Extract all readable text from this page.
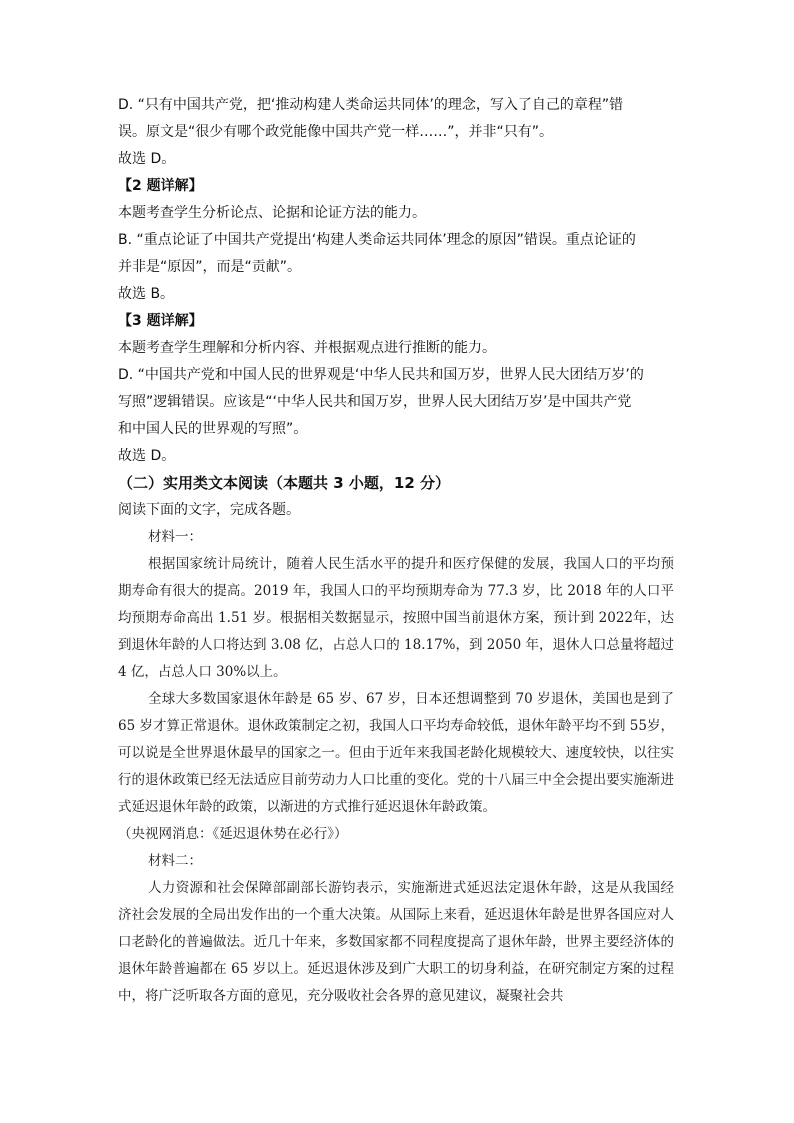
D. “只有中国共产党，把‘推动构建人类命运共同体’的理念，写入了自己的章程”错

误。原文是“很少有哪个政党能像中国共产党一样……”，并非“只有”。

故选 D。

【2 题详解】

本题考查学生分析论点、论据和论证方法的能力。

B. “重点论证了中国共产党提出‘构建人类命运共同体’理念的原因”错误。重点论证的

并非是“原因”，而是“贡献”。

故选 B。

【3 题详解】

本题考查学生理解和分析内容、并根据观点进行推断的能力。

D. “中国共产党和中国人民的世界观是‘中华人民共和国万岁，世界人民大团结万岁’的

写照”逻辑错误。应该是“‘中华人民共和国万岁，世界人民大团结万岁’是中国共产党

和中国人民的世界观的写照”。

故选 D。

（二）实用类文本阅读（本题共 3 小题，12 分）

阅读下面的文字，完成各题。

材料一：

根据国家统计局统计，随着人民生活水平的提升和医疗保健的发展，我国人口的平均预期寿命有很大的提高。2019 年，我国人口的平均预期寿命为 77.3 岁，比 2018 年的人口平均预期寿命高出 1.51 岁。根据相关数据显示，按照中国当前退休方案，预计到 2022年，达到退休年龄的人口将达到 3.08 亿，占总人口的 18.17%，到 2050 年，退休人口总量将超过 4 亿，占总人口 30%以上。

全球大多数国家退休年龄是 65 岁、67 岁，日本还想调整到 70 岁退休，美国也是到了65 岁才算正常退休。退休政策制定之初，我国人口平均寿命较低，退休年龄平均不到 55岁，可以说是全世界退休最早的国家之一。但由于近年来我国老龄化规模较大、速度较快，以往实行的退休政策已经无法适应目前劳动力人口比重的变化。党的十八届三中全会提出要实施渐进式延迟退休年龄的政策，以渐进的方式推行延迟退休年龄政策。

（央视网消息：《延迟退休势在必行》）

材料二：

人力资源和社会保障部副部长游钧表示，实施渐进式延迟法定退休年龄，这是从我国经济社会发展的全局出发作出的一个重大决策。从国际上来看，延迟退休年龄是世界各国应对人口老龄化的普遍做法。近几十年来，多数国家都不同程度提高了退休年龄，世界主要经济体的退休年龄普遍都在 65 岁以上。延迟退休涉及到广大职工的切身利益，在研究制定方案的过程中，将广泛听取各方面的意见，充分吸收社会各界的意见建议，凝聚社会共
